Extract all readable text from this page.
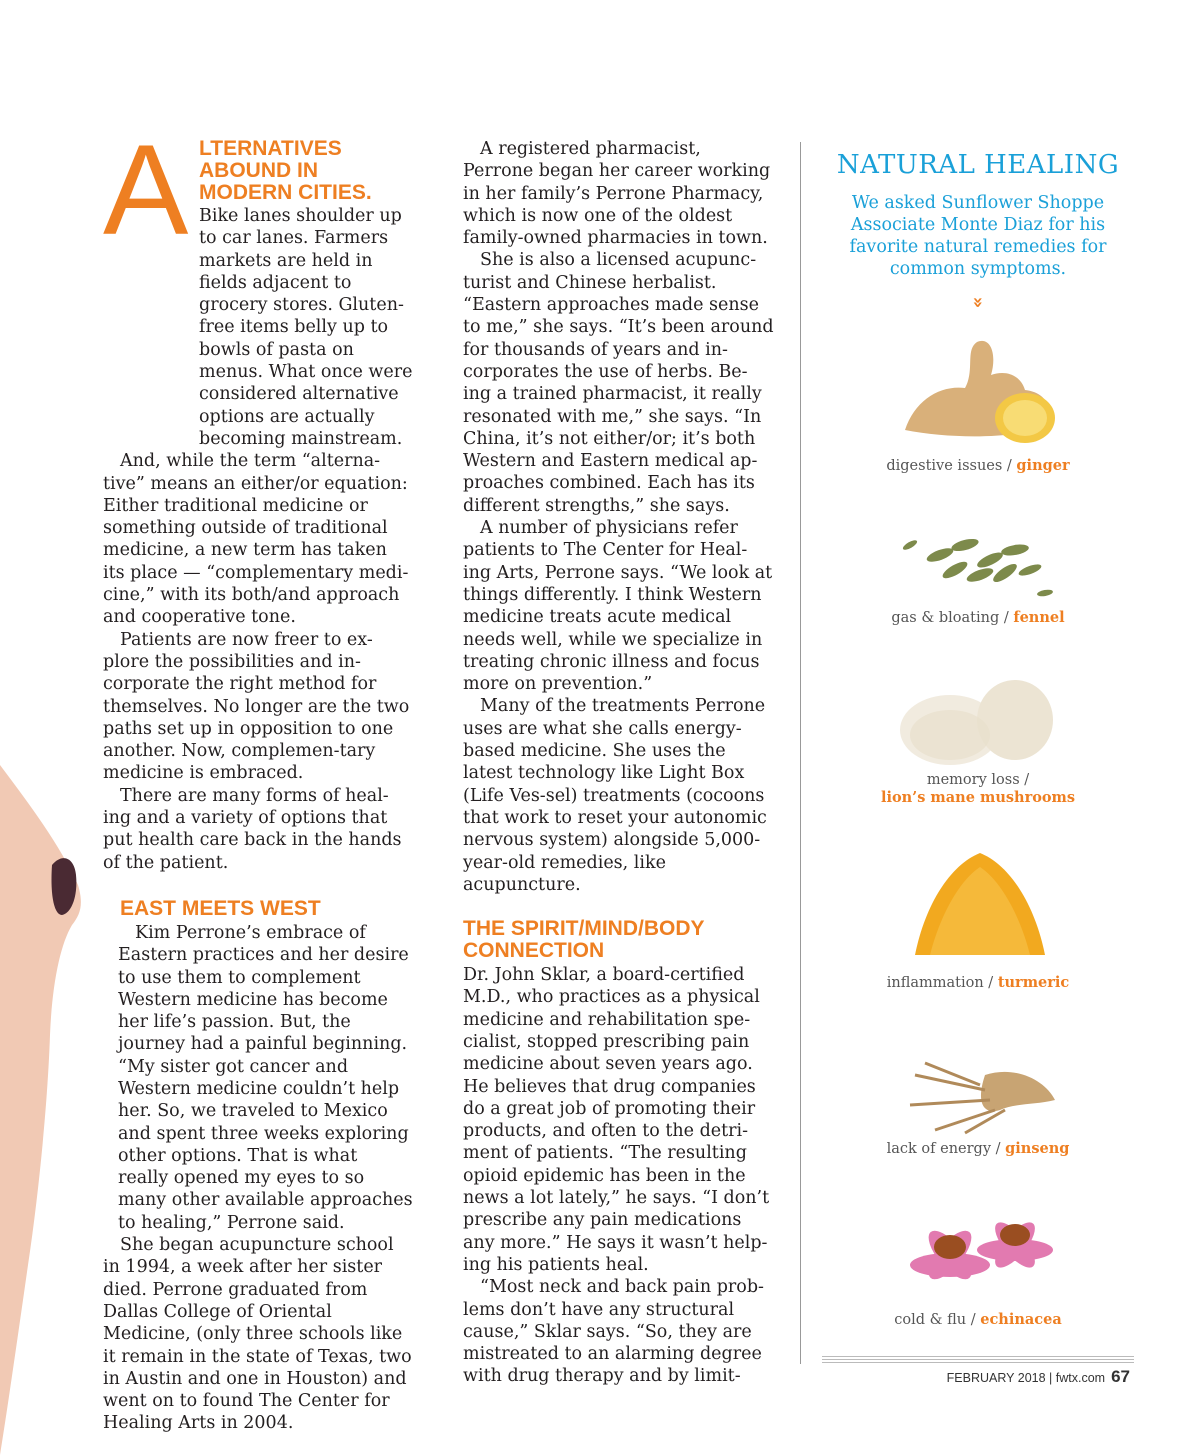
A LTERNATIVES ABOUND IN MODERN CITIES.

Bike lanes shoulder up to car lanes. Farmers markets are held in fields adjacent to grocery stores. Gluten-free items belly up to bowls of pasta on menus. What once were considered alternative options are actually becoming mainstream.

And, while the term “alterna-tive” means an either/or equation: Either traditional medicine or something outside of traditional medicine, a new term has taken its place — “complementary medi-cine,” with its both/and approach and cooperative tone.

Patients are now freer to ex-plore the possibilities and in-corporate the right method for themselves. No longer are the two paths set up in opposition to one another. Now, complemen-tary medicine is embraced.

There are many forms of heal-ing and a variety of options that put health care back in the hands of the patient.

EAST MEETS WEST

Kim Perrone’s embrace of Eastern practices and her desire to use them to complement Western medicine has become her life’s passion. But, the journey had a painful beginning. “My sister got cancer and Western medicine couldn’t help her. So, we traveled to Mexico and spent three weeks exploring other options. That is what really opened my eyes to so many other available approaches to healing,” Perrone said.

She began acupuncture school in 1994, a week after her sister died. Perrone graduated from Dallas College of Oriental Medicine, (only three schools like it remain in the state of Texas, two in Austin and one in Houston) and went on to found The Center for Healing Arts in 2004.

A registered pharmacist, Perrone began her career working in her family’s Perrone Pharmacy, which is now one of the oldest family-owned pharmacies in town.

She is also a licensed acupunc-turist and Chinese herbalist. “Eastern approaches made sense to me,” she says. “It’s been around for thousands of years and in-corporates the use of herbs. Be-ing a trained pharmacist, it really resonated with me,” she says. “In China, it’s not either/or; it’s both Western and Eastern medical ap-proaches combined. Each has its different strengths,” she says.

A number of physicians refer patients to The Center for Heal-ing Arts, Perrone says. “We look at things differently. I think Western medicine treats acute medical needs well, while we specialize in treating chronic illness and focus more on prevention.”

Many of the treatments Perrone uses are what she calls energy-based medicine. She uses the latest technology like Light Box (Life Ves-sel) treatments (cocoons that work to reset your autonomic nervous system) alongside 5,000-year-old remedies, like acupuncture.

THE SPIRIT/MIND/BODY CONNECTION

Dr. John Sklar, a board-certified M.D., who practices as a physical medicine and rehabilitation spe-cialist, stopped prescribing pain medicine about seven years ago. He believes that drug companies do a great job of promoting their products, and often to the detri-ment of patients. “The resulting opioid epidemic has been in the news a lot lately,” he says. “I don’t prescribe any pain medications any more.” He says it wasn’t help-ing his patients heal.

“Most neck and back pain prob-lems don’t have any structural cause,” Sklar says. “So, they are mistreated to an alarming degree with drug therapy and by limit-

NATURAL HEALING
We asked Sunflower Shoppe Associate Monte Diaz for his favorite natural remedies for common symptoms.
»
digestive issues / ginger
gas & bloating / fennel
memory loss /
lion’s mane mushrooms
inflammation / turmeric
lack of energy / ginseng
cold & flu / echinacea
FEBRUARY 2018 | fwtx.com 67
